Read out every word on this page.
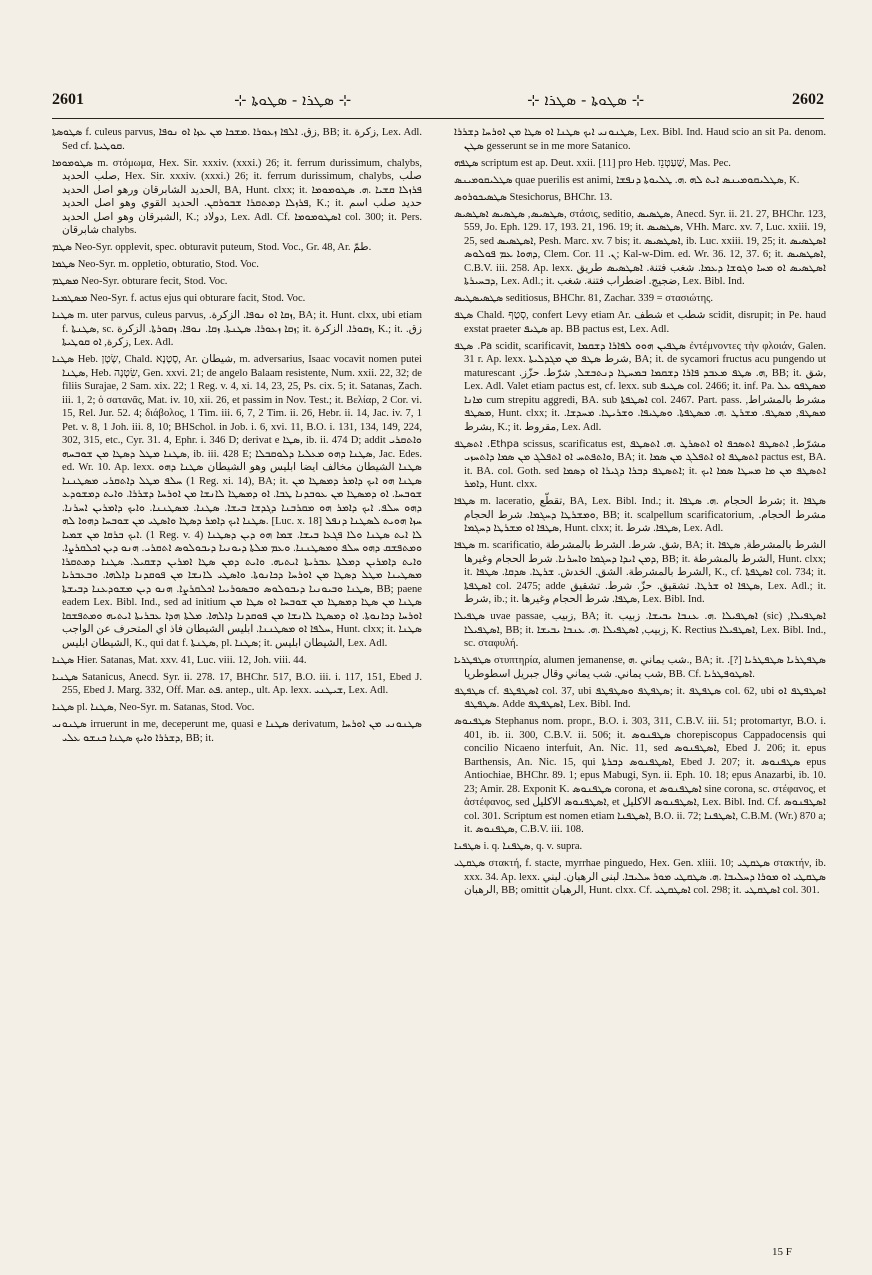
2601	⊹ ܣܛܪܐ - ܣܛܘܬܐ ⊹	⊹ ܣܛܘܬܐ - ܣܛܪܐ ⊹	2602

ܣܛܘܣܬܐ f. culeus parvus, زق. ܐܠܦܐ ܙܥܘܪܐ .ܡܫܟܐ ܡܢ ܥܙܐ ܐܘ ܢܘܦܐ, BB; it. زكرة, Lex. Adl. Sed cf. ܩܘܛܝܬܐ.

ܣܛܘܡܘܡܐ m. στόμωμα, Hex. Sir. xxxiv. (xxxi.) 26; it. ferrum durissimum, chalybs, صلب الحديد, Hex. Sir. xxxiv. (xxxi.) 26; it. ferrum durissimum, chalybs, صلب الحديد الشابرقان ورهو اصل الحديد, BA, Hunt. clxx; it. ܦܪܙܠܐ ܩܫܝܐ .ܗ. ܣܛܘܡܘܡܐ ܦܪܙܠܐ ܕܡܬܩܪܐ ܫܒܘܪܩܢ. الحديد القوي وهو اصل الحديد, K.; it. حديد صلب اسم الشبرقان وهو اصل الحديد, K.; دولاد, Lex. Adl. Cf. ܐܣܛܘܡܘܡܐ col. 300; it. Pers. شابرقان chalybs.

ܣܛܡ Neo-Syr. opplevit, spec. obturavit puteum, Stod. Voc., Gr. 48, Ar. طمّ.

ܣܛܡܐ Neo-Syr. m. oppletio, obturatio, Stod. Voc.

ܡܣܛܡ Neo-Syr. obturare fecit, Stod. Voc.

ܡܣܛܡܢܐ Neo-Syr. f. actus ejus qui obturare facit, Stod. Voc.

ܣܛܢܐ m. uter parvus, culeus parvus, .ܙܩܐ ܐܘ ܢܘܦܐ. الزكرة, BA; it. Hunt. clxx, ubi etiam f. ܣܛܢܬܐ, sc. ܙܩܐ ܙܥܘܪܐ. ܣܛܢܬܐ. ܙܩܐ. ܢܘܦܐ. ܙܩܘܪܬܐ. الزكرة; it. ܙܩܘܪܐ. الزكرة, K.; it. زق. زكرة, ܐܘ ܩܘܛܝܬܐ, Lex. Adl.

ܣܛܢܐ Heb. שָׂטָן, Chald. סָטָנָא, Ar. شيطان, m. adversarius, Isaac vocavit nomen putei ܣܛܢܐ, Heb. שִׂטְנָה, Gen. xxvi. 21; de angelo Balaam resistente, Num. xxii. 22, 32; de filiis Surajae, 2 Sam. xix. 22; 1 Reg. v. 4, xi. 14, 23, 25, Ps. cix. 5; it. Satanas, Zach. iii. 1, 2; ὁ σατανᾶς, Mat. iv. 10, xii. 26, et passim in Nov. Test.; it. Βελίαρ, 2 Cor. vi. 15, Rel. Jur. 52. 4; διάβολος, 1 Tim. iii. 6, 7, 2 Tim. ii. 26, Hebr. ii. 14, Jac. iv. 7, 1 Pet. v. 8, 1 Joh. iii. 8, 10; BHSchol. in Job. i. 6, xvi. 11, B.O. i. 131, 134, 149, 224, 302, 315, etc., Cyr. 31. 4, Ephr. i. 346 D; derivat e ܣܛܐ, ib. ii. 474 D; addit ܘܐܬܩܪܝ ܣܛܢܐ ܡܛܠ ܕܣܛܐ ܡܢ ܫܘܒܚܗ, ib. iii. 428 E; ܣܛܢܐ ܕܗܘ ܡܥܠܝܐ ܕܠܘܩܒܠܐ, Jac. Edes. ed. Wr. 10. Ap. lexx. ܣܛܢܐ الشيطان مخالف ايضا ابليس وهو الشيطان ܣܛܢܐ ܕܗܘ ܚܠܦ ܡܛܠ ܕܐܬܩܪܝ ܡܣܛܢܢܐ (1 Reg. xi. 14), BA; it. ܣܛܢܐ ܗܘ ܐܝܟ ܕܐܡܪ ܕܡܣܛܐ ܡܢ ܫܘܒܚܐ. ܐܘ ܕܡܣܛܐ ܡܢ ܥܘܒܕܢܐ ܛܒܐ. ܐܘ ܕܡܣܛܐ ܠܐܢܫܐ ܡܢ ܐܘܪܚܐ ܕܫܪܪܐ. ܘܐܝܬ ܕܡܫܘܕܥ ܕܗܘ ܚܠܦ. ܐܝܟ ܕܐܡܪ ܗܘ ܡܩܪܒܢܐ ܕܓܕܫܐ ܒܝܫܐ. ܣܛܢܐ. ܡܣܛܢܢܐ. ܘܐܝܟ ܕܐܡܪܝܢ ܐܚܪܢܐ. ܣܛܢܐ ܐܝܟ ܕܐܡܪ ܕܣܛܐ ܘܐܣܛܝ ܡܢ ܫܘܒܚܐ ܕܗܘܐ ܠܗ. [Luc. x. 18] ܚܙܐ ܗܘܝܬ ܠܣܛܢܐ ܕܢܦܠ ܐܝܟ ܒܪܩܐ ܡܢ ܫܡܝܐ. (1 Reg. v. 4) ܠܐ ܐܝܬ ܣܛܢܐ ܘܠܐ ܦܓܥܐ ܒܝܫܐ. ܫܡܐ ܗܘ ܕܝܢ ܕܣܛܢܐ ܘܡܬܦܫܩ ܕܗܘ ܚܠܦ ܘܡܣܛܢܢܐ. ܘܥܡ ܡܠܬܐ ܕܝܘܢܝܐ ܕܝܒܘܠܘܣ ܐܬܩܪܝ. ܗܢܘ ܕܝܢ ܐܟܠܩܪܨܐ. ܘܐܝܬ ܕܐܡܪܝܢ ܕܡܠܬܐ ܥܒܪܝܬܐ ܐܝܬܝܗ. ܘܐܝܬ ܕܡܢ ܣܛܐ ܐܡܪܝܢ ܕܫܩܝܠ. ܣܛܢܐ ܕܡܬܩܪܐ ܡܣܛܝܢܐ ܡܛܠ ܕܣܛܐ ܡܢ ܐܘܪܚܐ ܕܟܐܢܘܬܐ. ܘܐܣܛܝ ܠܐܢܫܐ ܡܢ ܦܘܩܕܢܐ ܕܐܠܗܐ. ܘܒܥܒܪܝܐ ܣܛܢܐ ܘܒܝܘܢܝܐ ܕܝܒܘܠܘܣ ܘܒܣܘܪܝܝܐ ܐܟܠܩܪܨܐ. ܗܢܘ ܕܝܢ ܡܫܘܕܥܢܐ ܕܒܝܫܬܐ, BB; paene eadem Lex. Bibl. Ind., sed ad initium ܣܛܢܐ ܡܢ ܣܛܐ ܕܡܣܛܐ ܡܢ ܫܘܒܚܐ ܐܘ ܣܛܐ ܡܢ ܐܘܪܚܐ ܕܟܐܢܘܬܐ. ܐܘ ܕܡܣܛܐ ܠܐܢܫܐ ܡܢ ܦܘܩܕܢܐ ܕܐܠܗܐ. ܡܠܬܐ ܗܕܐ ܥܒܪܝܬܐ ܐܝܬܝܗ ܘܡܬܦܫܩܐ ܚܠܦܐ ܐܘ ܡܣܛܢܢܐ. ابليس الشيطان فاذ اي المتحرف عن الواجب, Hunt. clxx; it. ܣܛܢܐ الشيطان ابليس, K., qui dat f. ܣܛܢܬܐ, pl. ܣܛܢܐ; it. الشيطان ابليس, Lex. Adl.

ܣܛܢܐ Hier. Satanas, Mat. xxv. 41, Luc. viii. 12, Joh. viii. 44.

ܣܛܢܝܐ Satanicus, Anecd. Syr. ii. 278. 17, BHChr. 517, B.O. iii. i. 117, 151, Ebed J. 255, Ebed J. Marg. 332, Off. Mar. ܦܬ. antep., ult. Ap. lexx. ܫܝܛܢܝ, Lex. Adl.

ܣܛܢܐ pl. ܣܛܢܐ, Neo-Syr. m. Satanas, Stod. Voc.

ܣܛܢܘܢܝ irruerunt in me, deceperunt me, quasi e ܣܛܢܐ derivatum, ܣܛܢܘܢܝ ܡܢ ܐܘܪܚܐ ܕܫܪܪܐ ܘܐܝܟ ܣܛܢܐ ܟܢܫܘ ܥܠܝ, BB; it.

ܣܛܢܘܢܝ ܐܝܟ ܣܛܢܐ ܐܘ ܣܛܐ ܡܢ ܐܘܪܚܐ ܕܫܪܪܐ, Lex. Bibl. Ind. Haud scio an sit Pa. denom. ܣܛܢ gesserunt se in me more Satanico.

ܣܛܦܗ scriptum est ap. Deut. xxii. [11] pro Heb. שַׁעַטְנֵז, Mas. Pec.

ܣܛܠܝܩܘܡܝܢܣ quae puerilis est animi, ܣܛܠܝܩܘܡܝܢܣ ܐܝܬ ܠܗ .ܗ. ܛܠܝܘܬܐ ܕܢܦܫܐ, K.

ܣܛܣܝܟܘܪܘܣ Stesichorus, BHChr. 13.

ܐܣܛܣܝܣ ܣܛܣܝܣ, ܣܛܣܝܣ, στάσις, seditio, ܣܛܣܝܣ, Anecd. Syr. ii. 21. 27, BHChr. 123, 559, Jo. Eph. 129. 17, 193. 21, 196. 19; it. ܣܛܣܝܣ, VHh. Marc. xv. 7, Luc. xxiii. 19, 25, sed ܐܣܛܣܝܣ, Pesh. Marc. xv. 7 bis; it. ܐܣܛܣܝܣ, ib. Luc. xxiii. 19, 25; it. ܐܣܛܣܝܣ ܕܗܘܐ ܥܡ ܦܘܠܘܣ, Clem. Cor. ܢ. 11; Kal-w-Dim. ed. Wr. 36. 12, 37. 6; it. ܐܣܛܣܝܣ, C.B.V. iii. 258. Ap. lexx. ܐܣܛܣܝܣ ܐܘ ܡܚܐ ܘܓܘܫܐ ܕܥܡܐ. شغب فتنة. ܐܣܛܣܝܣ طريق ܕܒܚܝܪܬܐ, Lex. Adl.; it. ضجيج. اضطراب فتنة. شغب, Lex. Bibl. Ind.

ܣܛܣܝܣܛܝܣ seditiosus, BHChr. 81, Zachar. 339 = στασιώτης.

ܣܛܦ Chald. סְטַף, confert Levy etiam Ar. شطف et شطب scidit, disrupit; in Pe. haud exstat praeter ܣܛܝܦ ap. BB pactus est, Lex. Adl.

Pa. ܣܛܦ scidit, scarificavit, ܣܛܦܝܢ ܗܘܘ ܠܦܐܪܐ ܕܫܩܡܐ ἐντέμνοντες τὴν φλοιάν, Galen. 31 r. Ap. lexx. شرط ܣܛܦ ܡܢ ܡܓܕܠܝܬܐ, BA; it. de sycamori fructus acu pungendo ut maturescant .ܗ. ܣܛܦ ܡܥܒܕ ܦܐܪܐ ܕܫܩܡܐ ܒܡܚܛܐ ܕܢܬܒܫܠ, شرّط. حزّز, BB; it. شق, Lex. Adl. Valet etiam pactus est, cf. lexx. sub ܣܛܝܦ col. 2466; it. inf. Pa. ܡܣܛܦܘ ܥܠ ܡܐܢܐ cum strepitu aggredi, BA. sub ܐܣܛܦܬܐ col. 2467. Part. pass. مشرط بالمشراط, ܡܣܛܦ, Hunt. clxx; it. ܡܣܛܦ, ܡܣܛܦ. ܡܫܪܛ .ܗ. ܡܣܛܦܬܐ. ܘܣܛܝܦܐ. ܘܫܪܝܛܐ. ܡܚܕܫܐ. بشرط, K.; it. مقروط, Lex. Adl.

Ethpa. ܐܬܣܛܦ scissus, scarificatus est, مشرّط, ܐܬܣܛܦ ܐܬܣܟܦ ܐܘ ܐܬܣܪܛ .ܗ. ܐܬܣܛܦ ܘܐܬܦܬܚ ܐܘ ܐܬܦܠܓ ܡܢ ܣܡܐ ܕܐܬܚܙܝ, BA; it. ܐܬܣܛܦ ܐܘ ܐܬܦܠܓ ܡܢ ܣܡܐ pactus est, BA. it. BA. col. Goth. sed ܐܬܣܛܦ ܕܒܪܐ ܕܓܝܪܐ ܐܘ ܕܣܡܐ; it. ܐܬܣܛܦ ܡܢ ܡܐ ܡܚܛܐ ܣܡܐ ܐܝܟ ܕܐܡܪ, Hunt. clxx.

ܣܛܦܐ m. laceratio, تقطّع, BA, Lex. Bibl. Ind.; it. شرط الحجام .ܗ. ܣܛܦܐ; it. ܣܛܦܐ ܘܡܫܪܛܐ ܕܚܓܡܐ. شرط الحجام, BB; it. scalpellum scarificatorium, مشرط الحجام. ܣܛܦܐ ܐܘ ܡܫܪܛܐ ܕܚܓܡܐ, Hunt. clxx; it. ܣܛܦܐ. شرط, Lex. Adl.

ܣܛܦܐ m. scarificatio, شق. شرط. الشرط بالمشرطة, BA; it. الشرط بالمشرطة, ܣܛܦܐ ܕܡܢ ܐܝܕܐ ܕܚܓܡܐ ܘܐܚܪܢܐ. شرط الحجام وغيرها, BB; it. الشرط بالمشرطة, Hunt. clxx; it. الشرط بالمشرطة. الشق. الخدش. ܫܪܛܐ. ܣܕܩܐ. ܣܛܦܐ, K., cf. ܐܣܛܦܬܐ col. 734; it. ܐܣܛܦܬܐ col. 2475; adde ܣܛܦܐ ܐܘ ܫܪܛܐ. تشقيق. حزّ. شرط. تشقيق, Lex. Adl.; it. شرط, ib.; it. ܣܛܦܐ. شرط الحجام وغيرها, Lex. Bibl. Ind.

ܣܛܦܝܠܐ uvae passae, زبيب, BA; it. ܐܣܛܦܝܠܐ .ܗ. ܥܢܒܐ ܝܒܝܫܐ. زبيب (sic) ܐܣܛܦܝܠܐ, ܐܣܛܦܝܠܐ, BB; it. زبيب, ܐܣܛܦܝܠܐ .ܗ. ܥܢܒܐ ܝܒܝܫܐ, K. Rectius ܐܣܛܦܝܠܐ, Lex. Bibl. Ind., sc. σταφυλή.

ܣܛܦܛܪܝܐ στυπτηρία, alumen jemanense, شب يماني .ܗ., BA; it. ܣܛܦܛܪܝܐ ܣܛܦܛܪܝܐ [?]. شب يماني. شب يماني وقال جبريل اسطوطريا, BB. Cf. ܐܣܛܘܦܛܪܝܐ.

ܣܛܦܛܦ cf. ܐܣܛܦܛܦ col. 37, ubi ܣܛܦܛܦ ܘܣܛܦܛܦ; it. ܣܛܦܛܦ col. 62, ubi ܐܣܛܦܛܦ ܐܘ ܣܛܦܛܦ. Adde ܐܣܛܦܛܦ, Lex. Bibl. Ind.

ܣܛܦܢܘܣ Stephanus nom. propr., B.O. i. 303, 311, C.B.V. iii. 51; protomartyr, B.O. i. 401, ib. ii. 300, C.B.V. ii. 506; it. ܣܛܦܢܘܣ chorepiscopus Cappadocensis qui concilio Nicaeno interfuit, An. Nic. 11, sed ܐܣܛܦܢܘܣ, Ebed J. 206; it. epus Barthensis, An. Nic. 15, qui ܐܣܛܦܢܘܣ ܕܒܪܬܐ, Ebed J. 207; it. ܣܛܦܢܘܣ epus Antiochiae, BHChr. 89. 1; epus Mabugi, Syn. ii. Eph. 10. 18; epus Anazarbi, ib. 10. 23; Amir. 28. Exponit K. ܣܛܦܢܘܣ corona, et ܐܣܛܦܢܘܣ sine corona, sc. στέφανος, et ἀστέφανος, sed ܐܣܛܦܢܘܣ الاكليل, et ܐܣܛܦܢܘܣ الاكليل, Lex. Bibl. Ind. Cf. ܐܣܛܦܢܘܣ col. 301. Scriptum est nomen etiam ܐܣܛܦܢܐ, B.O. ii. 72; ܐܣܛܦܢܐ, C.B.M. (Wr.) 870 a; it. ܣܛܦܢܘܣ, C.B.V. iii. 108.

ܣܛܦܢܐ i. q. ܣܛܦܢܐ, q. v. supra.

ܣܛܩܛܝ στακτή, f. stacte, myrrhae pinguedo, Hex. Gen. xliii. 10; ܣܛܩܛܝ στακτήν, ib. xxx. 34. Ap. lexx. ܣܛܩܛܝ ܐܘ ܡܘܪܐ ܕܚܠܝܒܐ .ܗ. ܣܛܩܛܝ ܡܘܪ ܚܠܝܒܐ. لبنى الرهبان. لبني الرهبان, BB; omittit الرهبان, Hunt. clxx. Cf. ܐܣܛܩܛܝ col. 298; it. ܐܣܛܩܛܝ col. 301.

15 F
